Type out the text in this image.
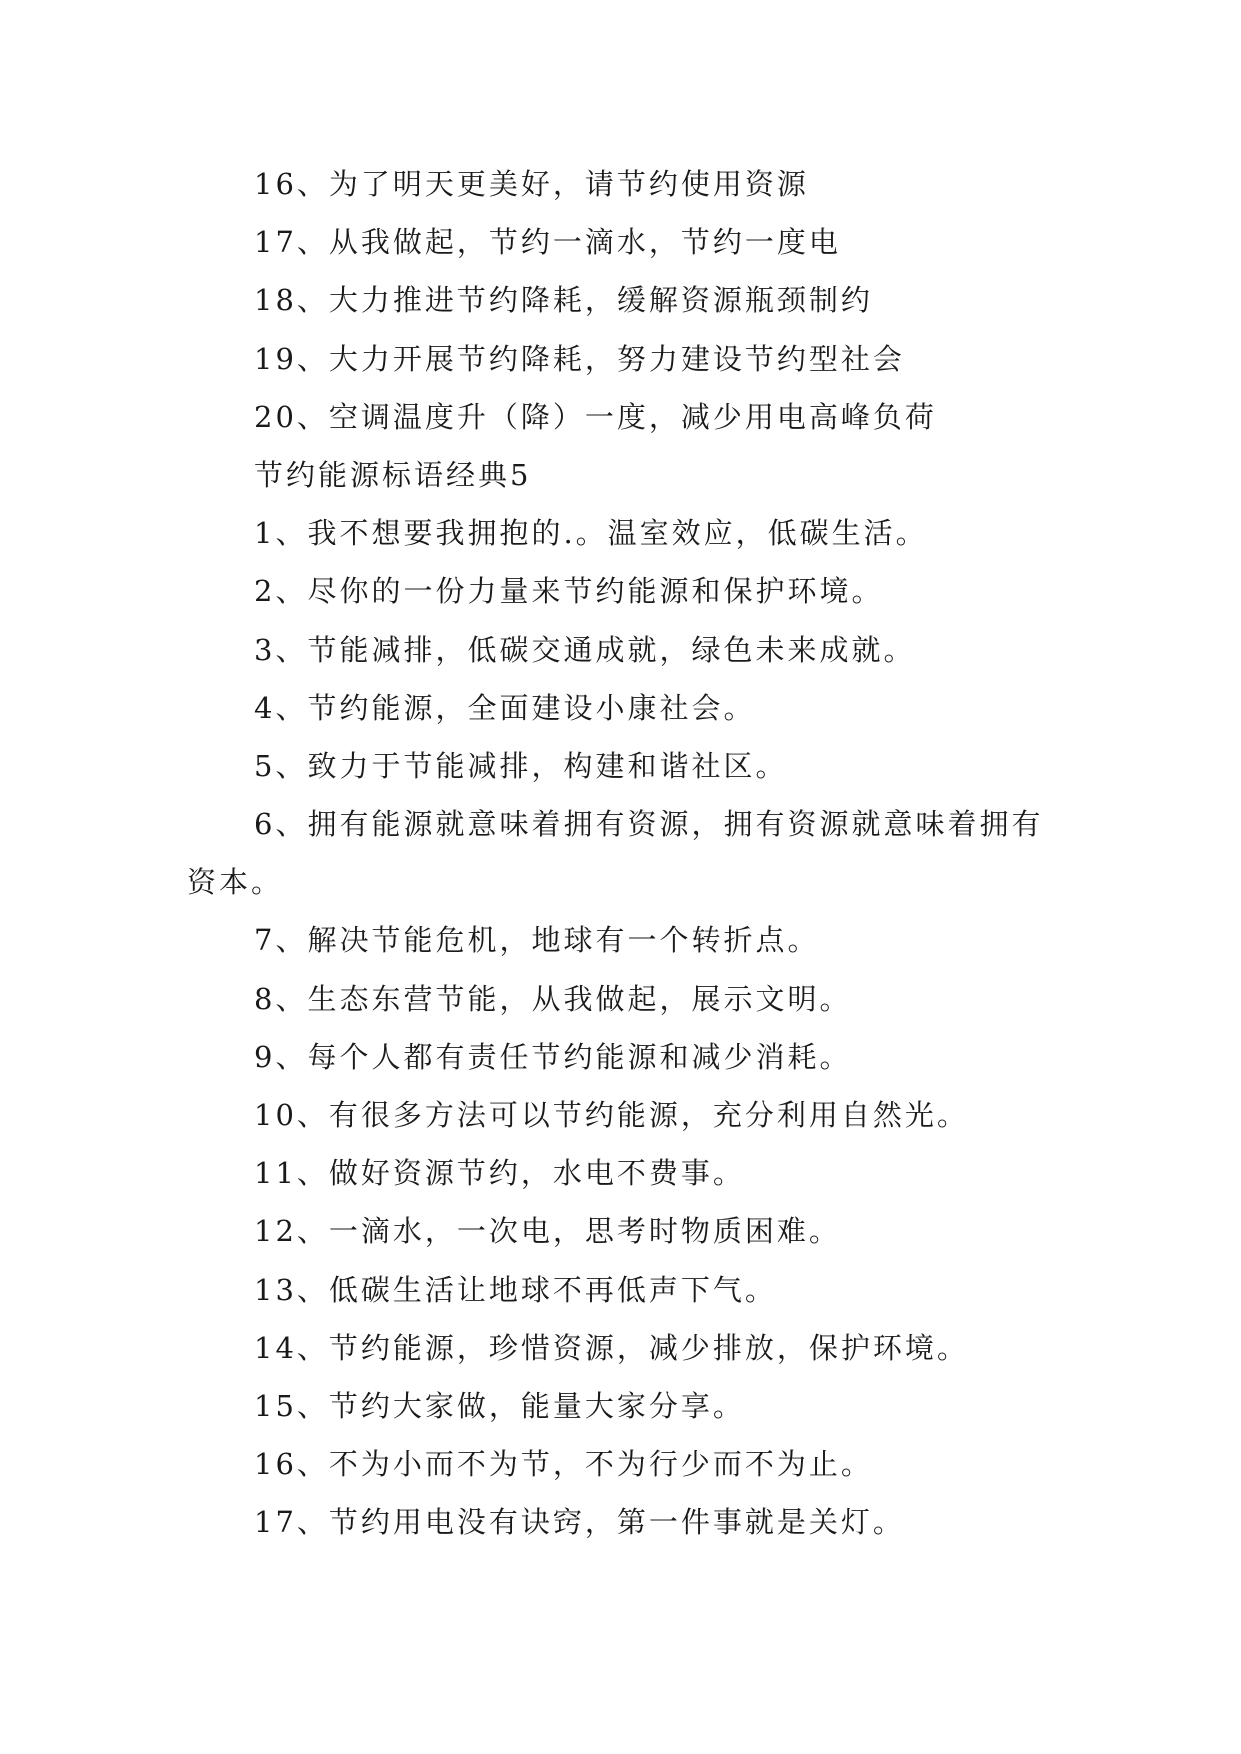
16、为了明天更美好，请节约使用资源

17、从我做起，节约一滴水，节约一度电

18、大力推进节约降耗，缓解资源瓶颈制约

19、大力开展节约降耗，努力建设节约型社会

20、空调温度升（降）一度，减少用电高峰负荷

节约能源标语经典5

1、我不想要我拥抱的.。温室效应，低碳生活。

2、尽你的一份力量来节约能源和保护环境。

3、节能减排，低碳交通成就，绿色未来成就。

4、节约能源，全面建设小康社会。

5、致力于节能减排，构建和谐社区。

6、拥有能源就意味着拥有资源，拥有资源就意味着拥有资本。

7、解决节能危机，地球有一个转折点。

8、生态东营节能，从我做起，展示文明。

9、每个人都有责任节约能源和减少消耗。

10、有很多方法可以节约能源，充分利用自然光。

11、做好资源节约，水电不费事。

12、一滴水，一次电，思考时物质困难。

13、低碳生活让地球不再低声下气。

14、节约能源，珍惜资源，减少排放，保护环境。

15、节约大家做，能量大家分享。

16、不为小而不为节，不为行少而不为止。

17、节约用电没有诀窍，第一件事就是关灯。
